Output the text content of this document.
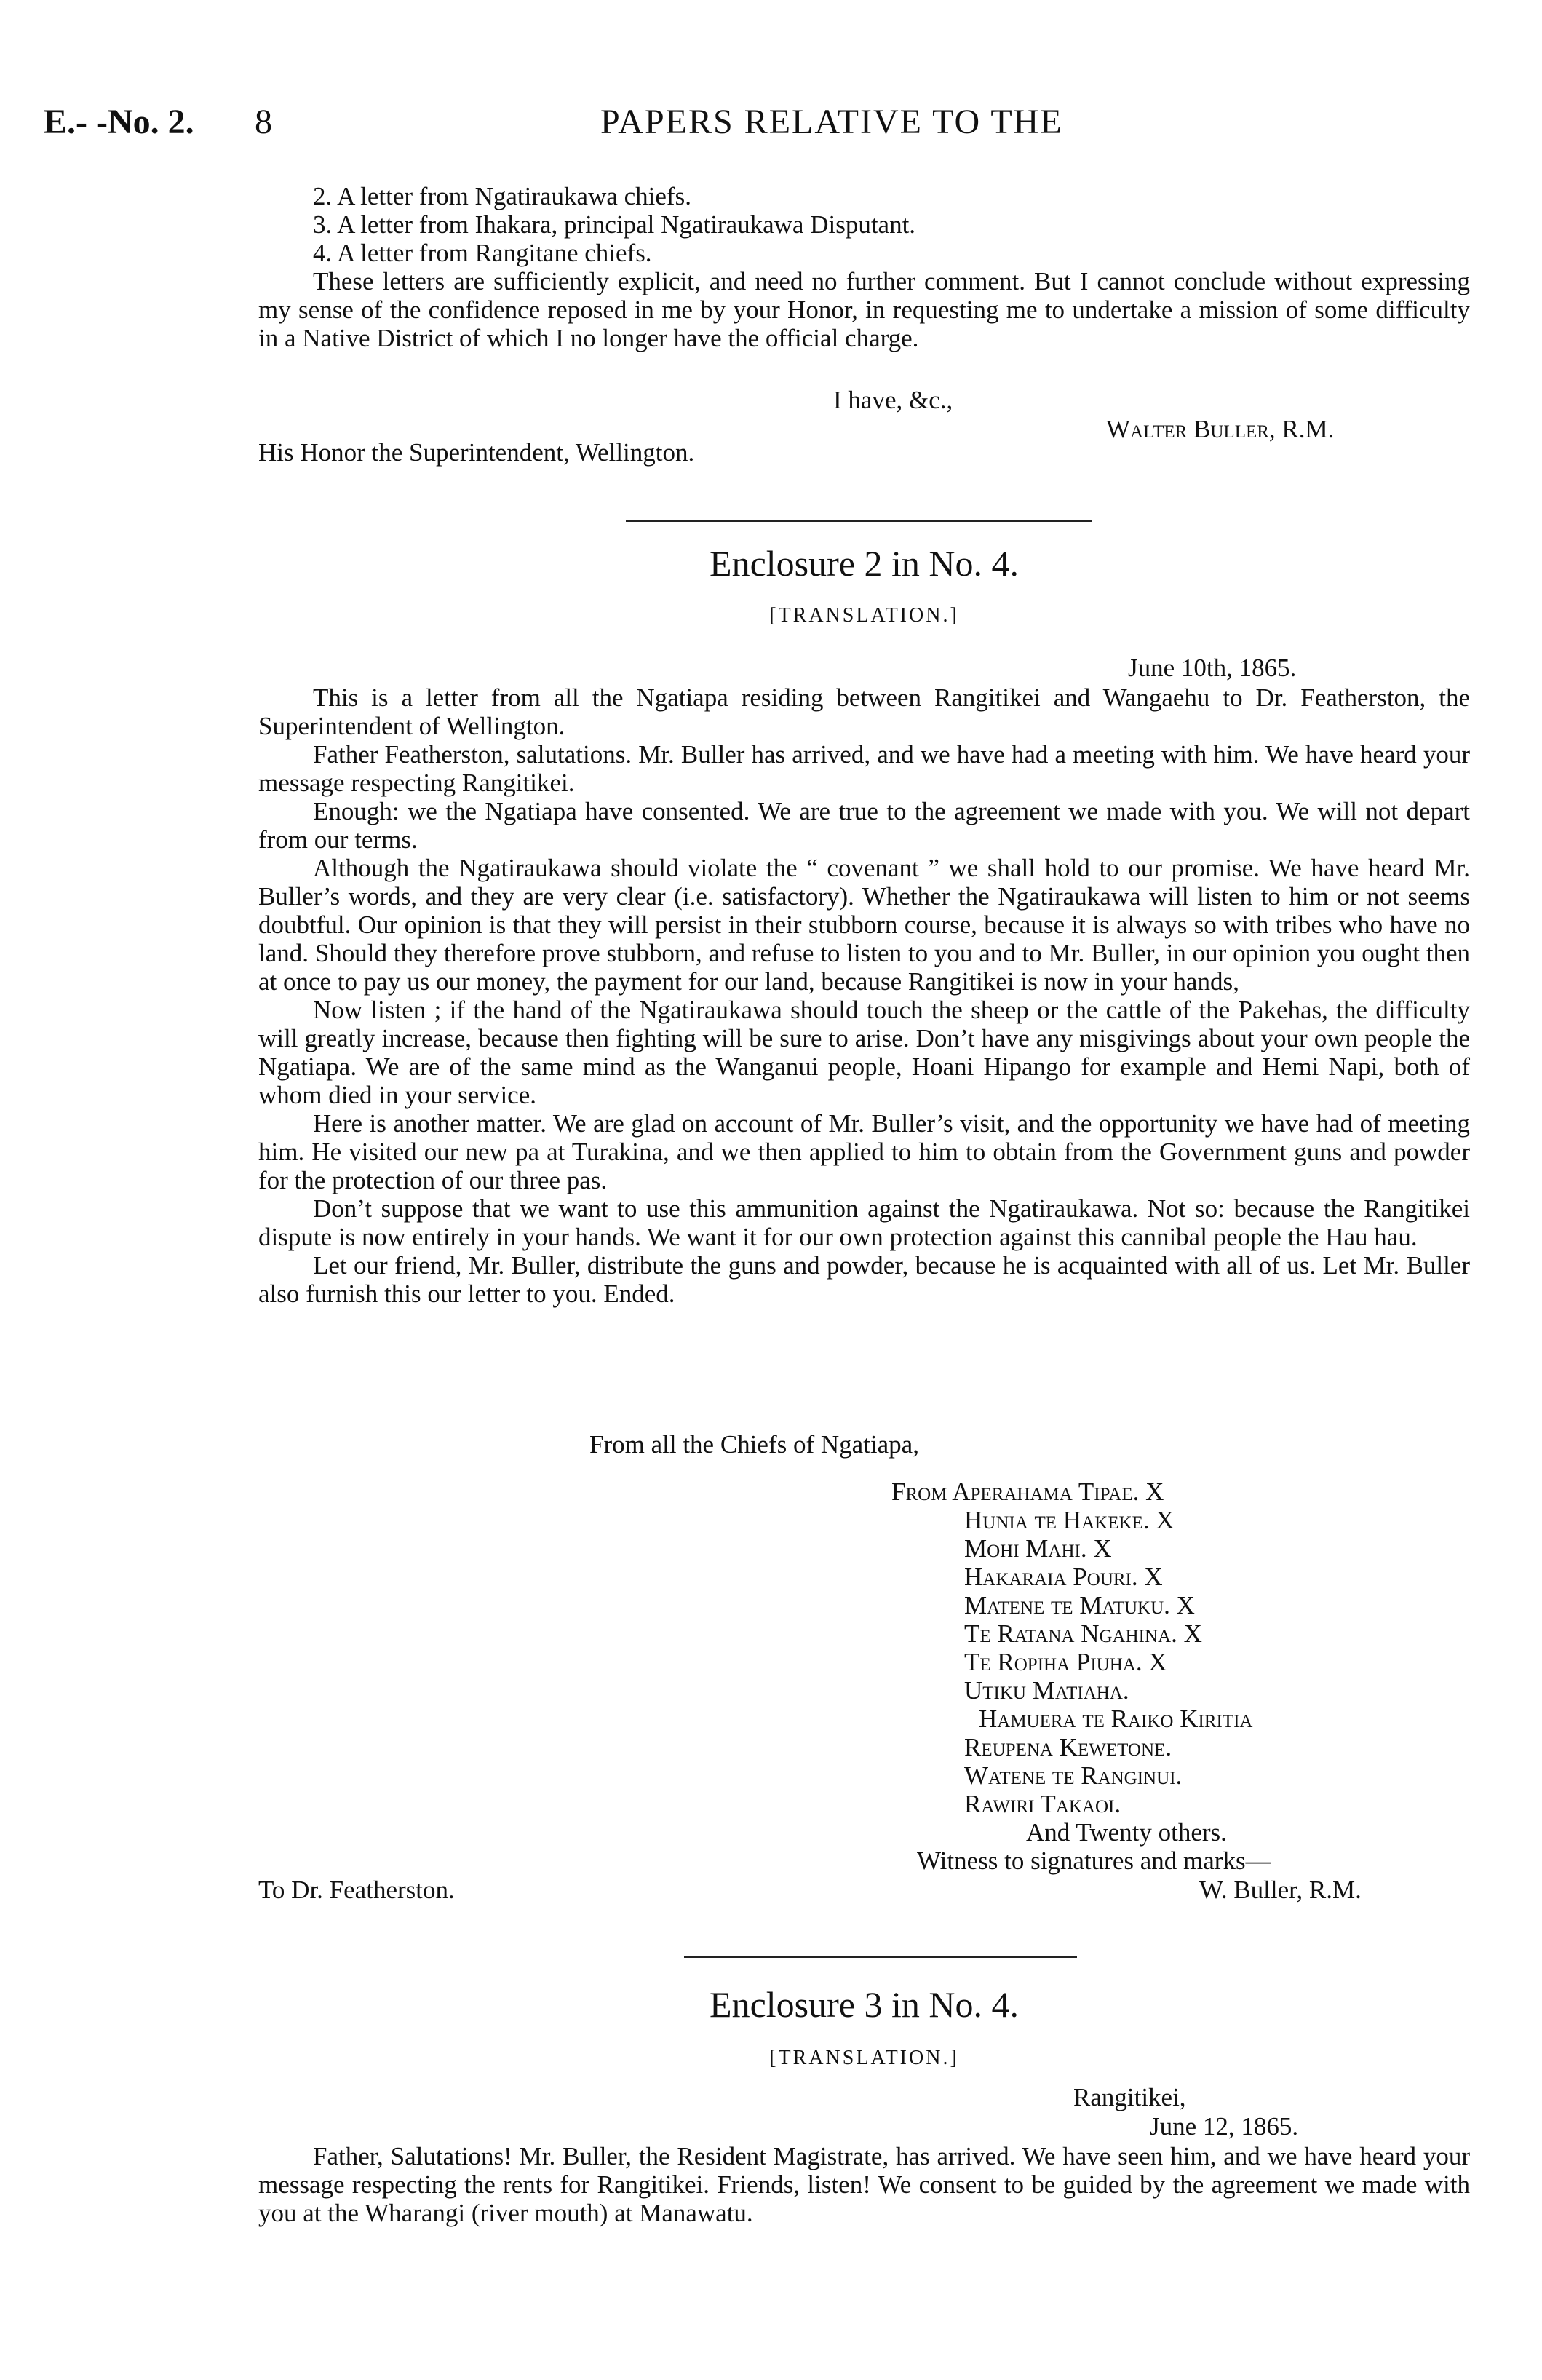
E.- -No. 2. 8	PAPERS RELATIVE TO THE

2. A letter from Ngatiraukawa chiefs.

3. A letter from Ihakara, principal Ngatiraukawa Disputant.

4. A letter from Rangitane chiefs.

These letters are sufficiently explicit, and need no further comment. But I cannot conclude without expressing my sense of the confidence reposed in me by your Honor, in requesting me to undertake a mission of some difficulty in a Native District of which I no longer have the official charge.

I have, &c.,
Walter Buller, R.M.
His Honor the Superintendent, Wellington.
Enclosure 2 in No. 4.
[TRANSLATION.]
June 10th, 1865.

This is a letter from all the Ngatiapa residing between Rangitikei and Wangaehu to Dr. Featherston, the Superintendent of Wellington.

Father Featherston, salutations. Mr. Buller has arrived, and we have had a meeting with him. We have heard your message respecting Rangitikei.

Enough: we the Ngatiapa have consented. We are true to the agreement we made with you. We will not depart from our terms.

Although the Ngatiraukawa should violate the “ covenant ” we shall hold to our promise. We have heard Mr. Buller’s words, and they are very clear (i.e. satisfactory). Whether the Ngatiraukawa will listen to him or not seems doubtful. Our opinion is that they will persist in their stubborn course, because it is always so with tribes who have no land. Should they therefore prove stubborn, and refuse to listen to you and to Mr. Buller, in our opinion you ought then at once to pay us our money, the payment for our land, because Rangitikei is now in your hands,

Now listen ; if the hand of the Ngatiraukawa should touch the sheep or the cattle of the Pakehas, the difficulty will greatly increase, because then fighting will be sure to arise. Don’t have any misgivings about your own people the Ngatiapa. We are of the same mind as the Wanganui people, Hoani Hipango for example and Hemi Napi, both of whom died in your service.

Here is another matter. We are glad on account of Mr. Buller’s visit, and the opportunity we have had of meeting him. He visited our new pa at Turakina, and we then applied to him to obtain from the Government guns and powder for the protection of our three pas.

Don’t suppose that we want to use this ammunition against the Ngatiraukawa. Not so: because the Rangitikei dispute is now entirely in your hands. We want it for our own protection against this cannibal people the Hau hau.

Let our friend, Mr. Buller, distribute the guns and powder, because he is acquainted with all of us. Let Mr. Buller also furnish this our letter to you. Ended.

From all the Chiefs of Ngatiapa,
From Aperahama Tipae. X
Hunia te Hakeke. X
Mohi Mahi. X
Hakaraia Pouri. X
Matene te Matuku. X
Te Ratana Ngahina. X
Te Ropiha Piuha. X
Utiku Matiaha.
Hamuera te Raiko Kiritia
Reupena Kewetone.
Watene te Ranginui.
Rawiri Takaoi.
And Twenty others.
Witness to signatures and marks—
W. Buller, R.M.
To Dr. Featherston.
Enclosure 3 in No. 4.
[TRANSLATION.]
Rangitikei,
June 12, 1865.

Father, Salutations! Mr. Buller, the Resident Magistrate, has arrived. We have seen him, and we have heard your message respecting the rents for Rangitikei. Friends, listen! We consent to be guided by the agreement we made with you at the Wharangi (river mouth) at Manawatu.
